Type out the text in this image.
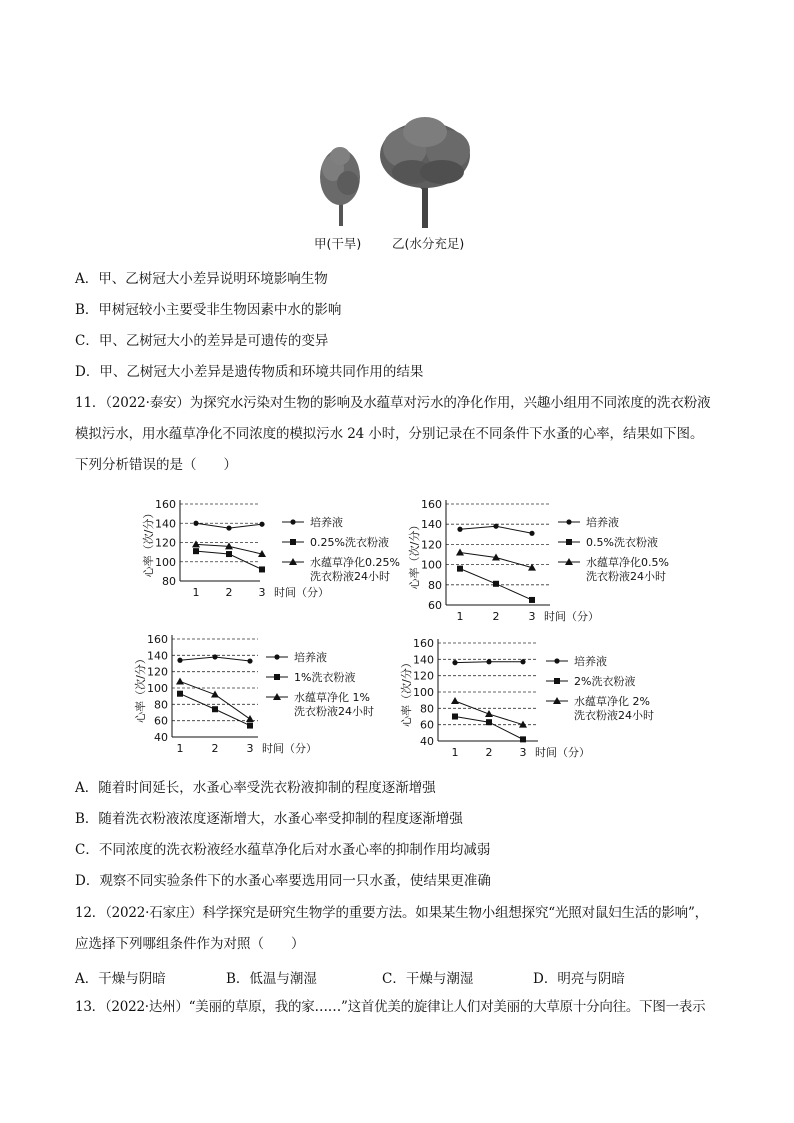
甲(干旱) 乙(水分充足)
A．甲、乙树冠大小差异说明环境影响生物
B．甲树冠较小主要受非生物因素中水的影响
C．甲、乙树冠大小的差异是可遗传的变异
D．甲、乙树冠大小差异是遗传物质和环境共同作用的结果
11．（2022·泰安）为探究水污染对生物的影响及水蕴草对污水的净化作用，兴趣小组用不同浓度的洗衣粉液
模拟污水，用水蕴草净化不同浓度的模拟污水 24 小时，分别记录在不同条件下水蚤的心率，结果如下图。
下列分析错误的是（　　）
80
100
120
140
160
1 2 3 时间（分）
心率（次/分）	培养液
0.25%洗衣粉液
水蕴草净化0.25%
洗衣粉液24小时
60
80
100
120
140
160
1	2	3 时间（分）
心率（次/分）	培养液
0.5%洗衣粉液
水蕴草净化0.5%
洗衣粉液24小时
40
60
80
100
120
140
160
1	2	3 时间（分）
心率（次/分）	培养液
1%洗衣粉液
水蕴草净化 1%
洗衣粉液24小时
40
60
80
100
120
140
160
1 2 3 时间（分）
心率（次/分）	培养液
2%洗衣粉液
水蕴草净化 2%
洗衣粉液24小时
A．随着时间延长，水蚤心率受洗衣粉液抑制的程度逐渐增强
B．随着洗衣粉液浓度逐渐增大，水蚤心率受抑制的程度逐渐增强
C．不同浓度的洗衣粉液经水蕴草净化后对水蚤心率的抑制作用均减弱
D．观察不同实验条件下的水蚤心率要选用同一只水蚤，使结果更准确
12．（2022·石家庄）科学探究是研究生物学的重要方法。如果某生物小组想探究“光照对鼠妇生活的影响”，
应选择下列哪组条件作为对照（　　）
A．干燥与阴暗	B．低温与潮湿	C．干燥与潮湿	D．明亮与阴暗
13．（2022·达州）“美丽的草原，我的家……”这首优美的旋律让人们对美丽的大草原十分向往。下图一表示
